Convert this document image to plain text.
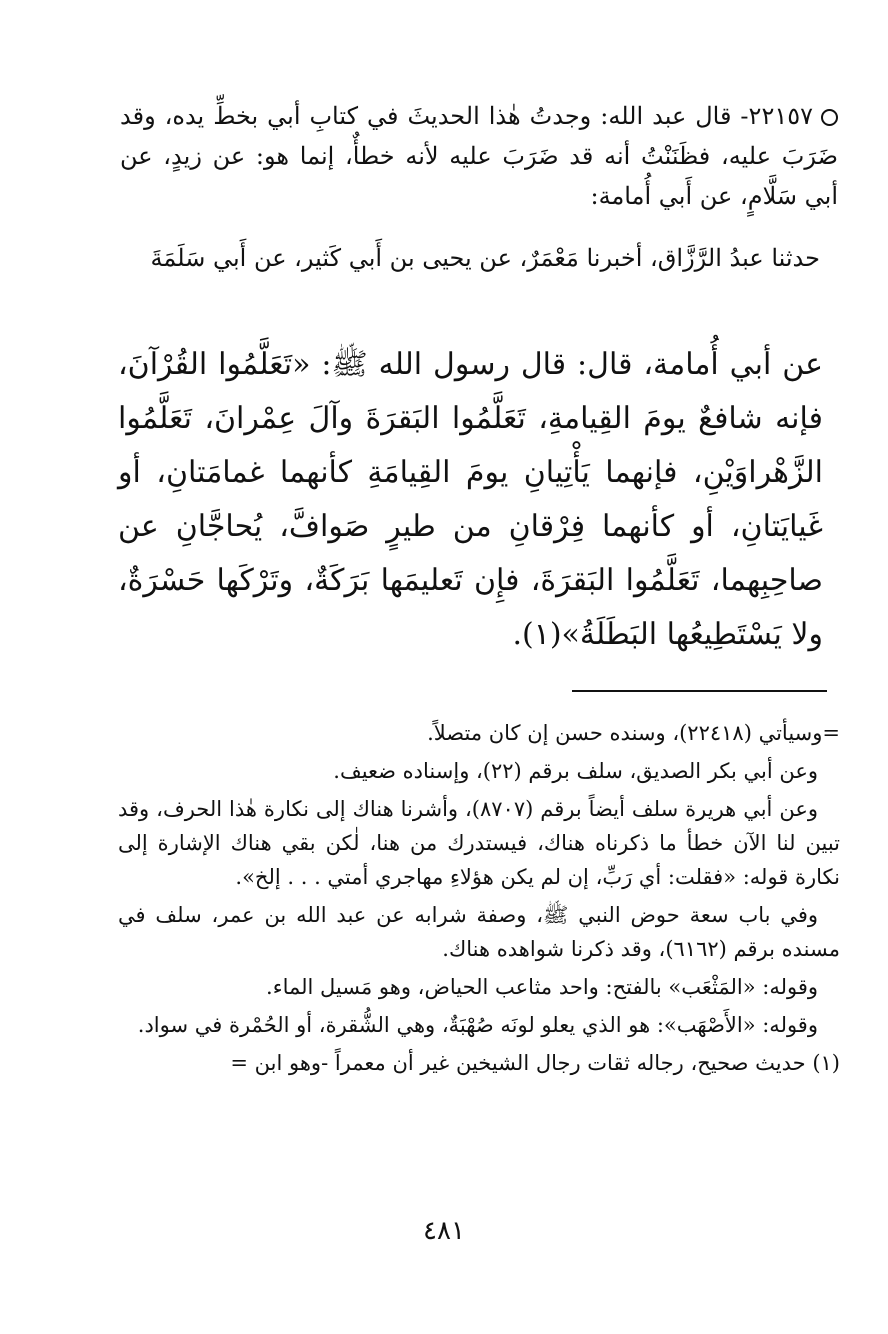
٢٢١٥٧- قال عبد الله: وجدتُ هٰذا الحديثَ في كتابِ أبي بخطِّ يده، وقد ضَرَبَ عليه، فظَنَنْتُ أنه قد ضَرَبَ عليه لأنه خطأٌ، إنما هو: عن زيدٍ، عن أبي سَلَّامٍ، عن أَبي أُمامة:
حدثنا عبدُ الرَّزَّاق، أخبرنا مَعْمَرٌ، عن يحيى بن أَبي كَثير، عن أَبي سَلَمَةَ
عن أبي أُمامة، قال: قال رسول الله ﷺ: «تَعَلَّمُوا القُرْآنَ، فإنه شافعٌ يومَ القِيامةِ، تَعَلَّمُوا البَقرَةَ وآلَ عِمْرانَ، تَعَلَّمُوا الزَّهْراوَيْنِ، فإنهما يَأْتِيانِ يومَ القِيامَةِ كأنهما غمامَتانِ، أو غَيايَتانِ، أو كأنهما فِرْقانِ من طيرٍ صَوافَّ، يُحاجَّانِ عن صاحِبِهما، تَعَلَّمُوا البَقرَةَ، فإِن تَعليمَها بَرَكَةٌ، وتَرْكَها حَسْرَةٌ، ولا يَسْتَطِيعُها البَطَلَةُ»(١).

=وسيأتي (٢٢٤١٨)، وسنده حسن إن كان متصلاً.

وعن أبي بكر الصديق، سلف برقم (٢٢)، وإسناده ضعيف.

وعن أبي هريرة سلف أيضاً برقم (٨٧٠٧)، وأشرنا هناك إلى نكارة هٰذا الحرف، وقد تبين لنا الآن خطأ ما ذكرناه هناك، فيستدرك من هنا، لٰكن بقي هناك الإشارة إلى نكارة قوله: «فقلت: أي رَبِّ، إن لم يكن هؤلاءِ مهاجري أمتي . . . إلخ».

وفي باب سعة حوض النبي ﷺ، وصفة شرابه عن عبد الله بن عمر، سلف في مسنده برقم (٦١٦٢)، وقد ذكرنا شواهده هناك.

وقوله: «المَثْعَب» بالفتح: واحد مثاعب الحياض، وهو مَسيل الماء.

وقوله: «الأَصْهَب»: هو الذي يعلو لونَه صُهْبَةٌ، وهي الشُّقرة، أو الحُمْرة في سواد.

(١) حديث صحيح، رجاله ثقات رجال الشيخين غير أن معمراً -وهو ابن =

٤٨١
